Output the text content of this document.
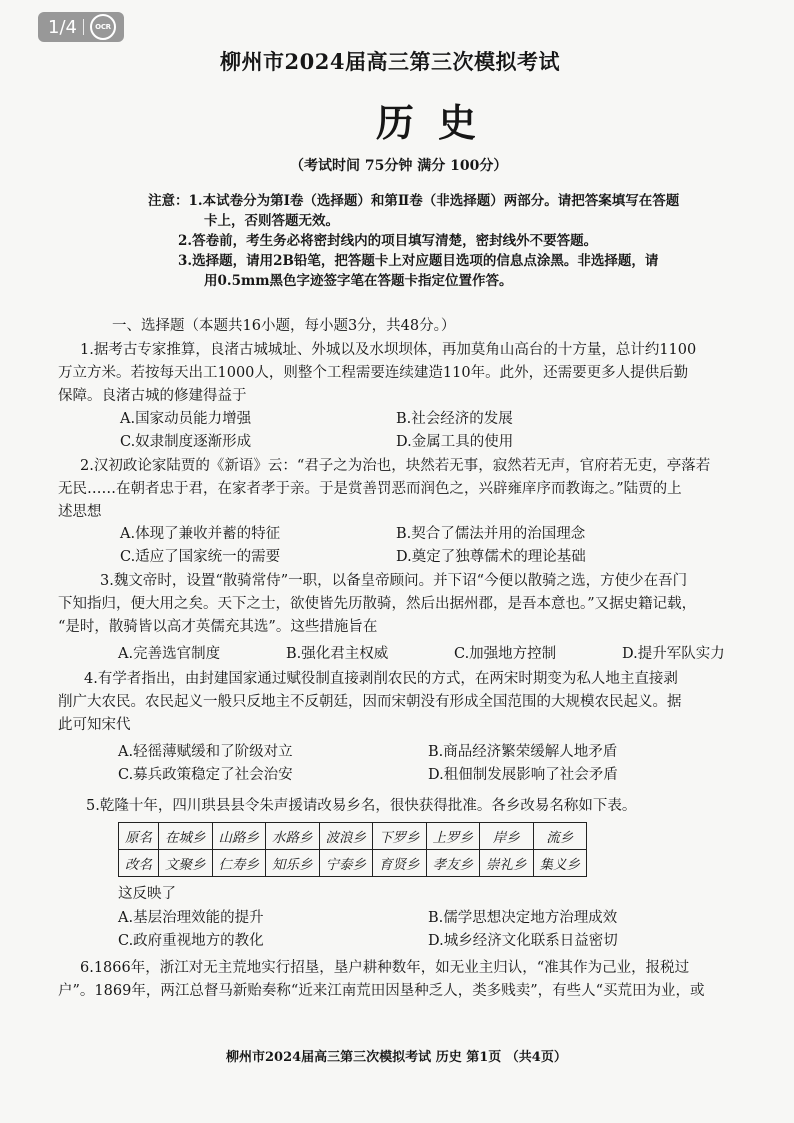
1/4	OCR
柳州市2024届高三第三次模拟考试
历史
（考试时间 75分钟 满分 100分）
注意：1.本试卷分为第Ⅰ卷（选择题）和第Ⅱ卷（非选择题）两部分。请把答案填写在答题
卡上，否则答题无效。
2.答卷前，考生务必将密封线内的项目填写清楚，密封线外不要答题。
3.选择题，请用2B铅笔，把答题卡上对应题目选项的信息点涂黑。非选择题，请
用0.5mm黑色字迹签字笔在答题卡指定位置作答。
一、选择题（本题共16小题，每小题3分，共48分。）
1.据考古专家推算，良渚古城城址、外城以及水坝坝体，再加莫角山高台的十方量，总计约1100
万立方米。若按每天出工1000人，则整个工程需要连续建造110年。此外，还需要更多人提供后勤
保障。良渚古城的修建得益于
A.国家动员能力增强	B.社会经济的发展
C.奴隶制度逐渐形成	D.金属工具的使用
2.汉初政论家陆贾的《新语》云：“君子之为治也，块然若无事，寂然若无声，官府若无吏，亭落若
无民……在朝者忠于君，在家者孝于亲。于是赏善罚恶而润色之，兴辟雍庠序而教诲之。”陆贾的上
述思想
A.体现了兼收并蓄的特征	B.契合了儒法并用的治国理念
C.适应了国家统一的需要	D.奠定了独尊儒术的理论基础
3.魏文帝时，设置“散骑常侍”一职，以备皇帝顾问。并下诏“今便以散骑之选，方使少在吾门
下知指归，便大用之矣。天下之士，欲使皆先历散骑，然后出据州郡，是吾本意也。”又据史籍记载，
“是时，散骑皆以高才英儒充其选”。这些措施旨在
A.完善选官制度	B.强化君主权威	C.加强地方控制	D.提升军队实力
4.有学者指出，由封建国家通过赋役制直接剥削农民的方式，在两宋时期变为私人地主直接剥
削广大农民。农民起义一般只反地主不反朝廷，因而宋朝没有形成全国范围的大规模农民起义。据
此可知宋代
A.轻徭薄赋缓和了阶级对立	B.商品经济繁荣缓解人地矛盾
C.募兵政策稳定了社会治安	D.租佃制发展影响了社会矛盾
5.乾隆十年，四川珙县县令朱声援请改易乡名，很快获得批准。各乡改易名称如下表。
原名	在城乡	山路乡	水路乡	波浪乡	下罗乡	上罗乡	岸乡	流乡
改名	文聚乡	仁寿乡	知乐乡	宁泰乡	育贤乡	孝友乡	崇礼乡	集义乡
这反映了
A.基层治理效能的提升	B.儒学思想决定地方治理成效
C.政府重视地方的教化	D.城乡经济文化联系日益密切
6.1866年，浙江对无主荒地实行招垦，垦户耕种数年，如无业主归认，“准其作为己业，报税过
户”。1869年，两江总督马新贻奏称“近来江南荒田因垦种乏人，类多贱卖”，有些人“买荒田为业，或
柳州市2024届高三第三次模拟考试 历史 第1页 （共4页）
